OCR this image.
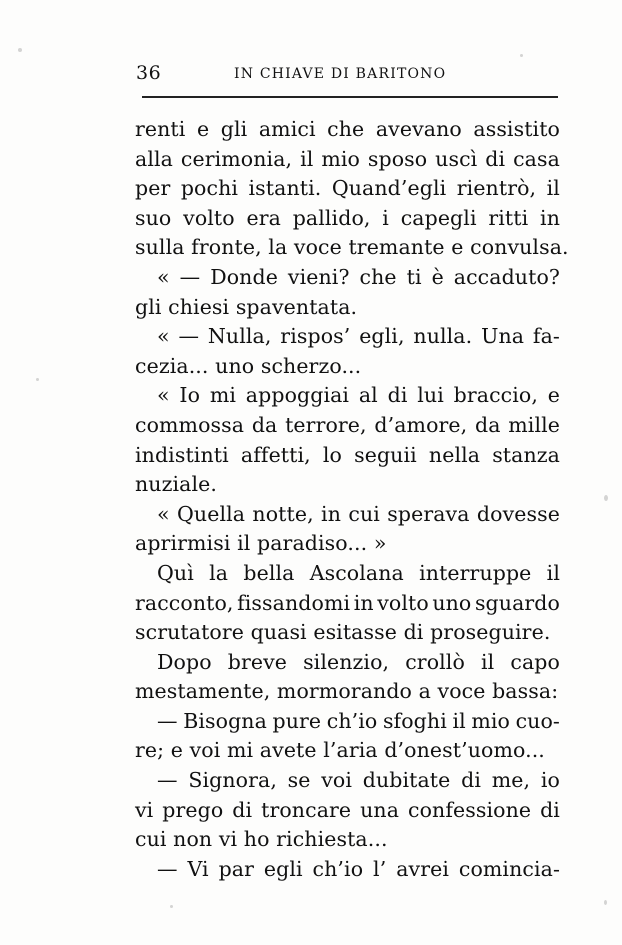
36	IN CHIAVE DI BARITONO
renti e gli amici che avevano assistito
alla cerimonia, il mio sposo uscì di casa
per pochi istanti. Quand’egli rientrò, il
suo volto era pallido, i capegli ritti in
sulla fronte, la voce tremante e convulsa.
« — Donde vieni? che ti è accaduto?
gli chiesi spaventata.
« — Nulla, rispos’ egli, nulla. Una fa-
cezia... uno scherzo...
« Io mi appoggiai al di lui braccio, e
commossa da terrore, d’amore, da mille
indistinti affetti, lo seguii nella stanza
nuziale.
« Quella notte, in cui sperava dovesse
aprirmisi il paradiso... »
Quì la bella Ascolana interruppe il
racconto, fissandomi in volto uno sguardo
scrutatore quasi esitasse di proseguire.
Dopo breve silenzio, crollò il capo
mestamente, mormorando a voce bassa:
— Bisogna pure ch’io sfoghi il mio cuo-
re; e voi mi avete l’aria d’onest’uomo...
— Signora, se voi dubitate di me, io
vi prego di troncare una confessione di
cui non vi ho richiesta...
— Vi par egli ch’io l’ avrei comincia-
